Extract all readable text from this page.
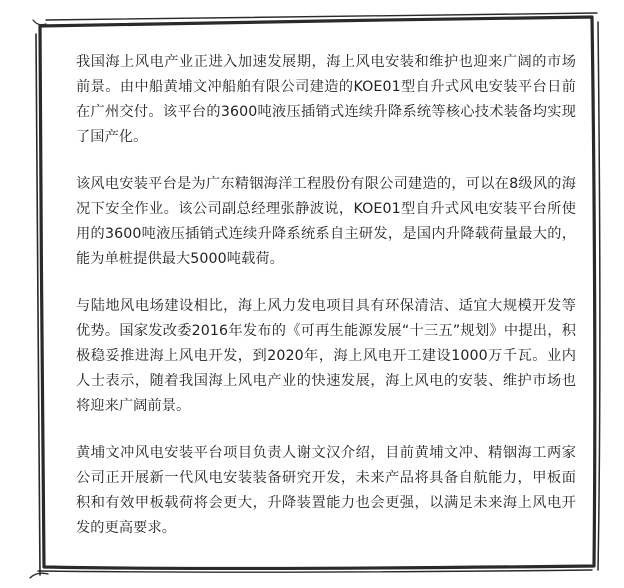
我国海上风电产业正进入加速发展期，海上风电安装和维护也迎来广阔的市场前景。由中船黄埔文冲船舶有限公司建造的KOE01型自升式风电安装平台日前在广州交付。该平台的3600吨液压插销式连续升降系统等核心技术装备均实现了国产化。

该风电安装平台是为广东精铟海洋工程股份有限公司建造的，可以在8级风的海况下安全作业。该公司副总经理张静波说，KOE01型自升式风电安装平台所使用的3600吨液压插销式连续升降系统系自主研发，是国内升降载荷量最大的，能为单桩提供最大5000吨载荷。

与陆地风电场建设相比，海上风力发电项目具有环保清洁、适宜大规模开发等优势。国家发改委2016年发布的《可再生能源发展“十三五”规划》中提出，积极稳妥推进海上风电开发，到2020年，海上风电开工建设1000万千瓦。业内人士表示，随着我国海上风电产业的快速发展，海上风电的安装、维护市场也将迎来广阔前景。

黄埔文冲风电安装平台项目负责人谢文汉介绍，目前黄埔文冲、精铟海工两家公司正开展新一代风电安装装备研究开发，未来产品将具备自航能力，甲板面积和有效甲板载荷将会更大，升降装置能力也会更强，以满足未来海上风电开发的更高要求。
